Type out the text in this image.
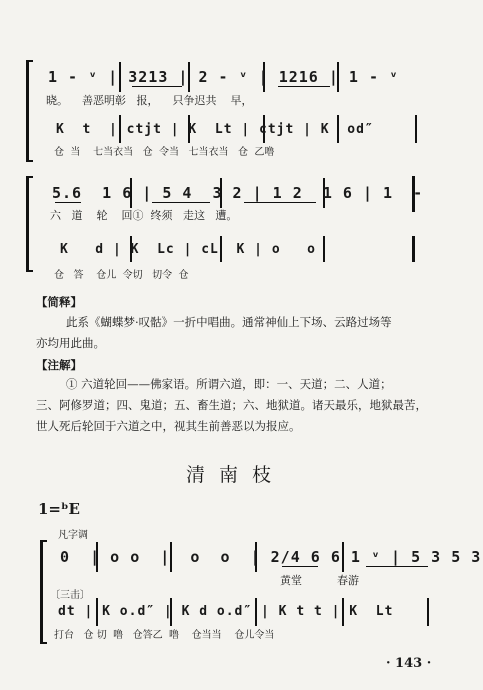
1 - ᵛ | 3213 | 2 - ᵛ | 1216 | 1 - ᵛ
晓。    善恶明彰   报，    只争迟共    早，
K  t  | ctjt | K  Lt | ctjt | K  od″
仓  当    七当衣当   仓  令当   七当衣当   仓  乙噜
5.6  1 6 | 5 4  3 2 | 1 2  1 6 | 1  -
六   道    轮    回①  终须   走这   遭。
K   d | K  Lc | cL  K | o   o
仓   答    仓儿  令切   切令  仓
【简释】
此系《蝴蝶梦·叹骷》一折中唱曲。通常神仙上下场、云路过场等
亦均用此曲。
【注解】
① 六道轮回——佛家语。所谓六道，即：一、天道；二、人道；
三、阿修罗道；四、鬼道；五、畜生道；六、地狱道。诸天最乐，地狱最苦，
世人死后轮回于六道之中，视其生前善恶以为报应。
清南枝
1=ᵇE
凡字调
0  | o o  |  o  o  | 2/4 6 6 1 ᵛ | 5 3 5 3
黄堂          春游
〔三击〕
dt | K o.d″ | K d o.d″ | K t t | K  Lt
打台   仓 切  噜   仓答乙  噜    仓当当    仓儿令当
· 143 ·
